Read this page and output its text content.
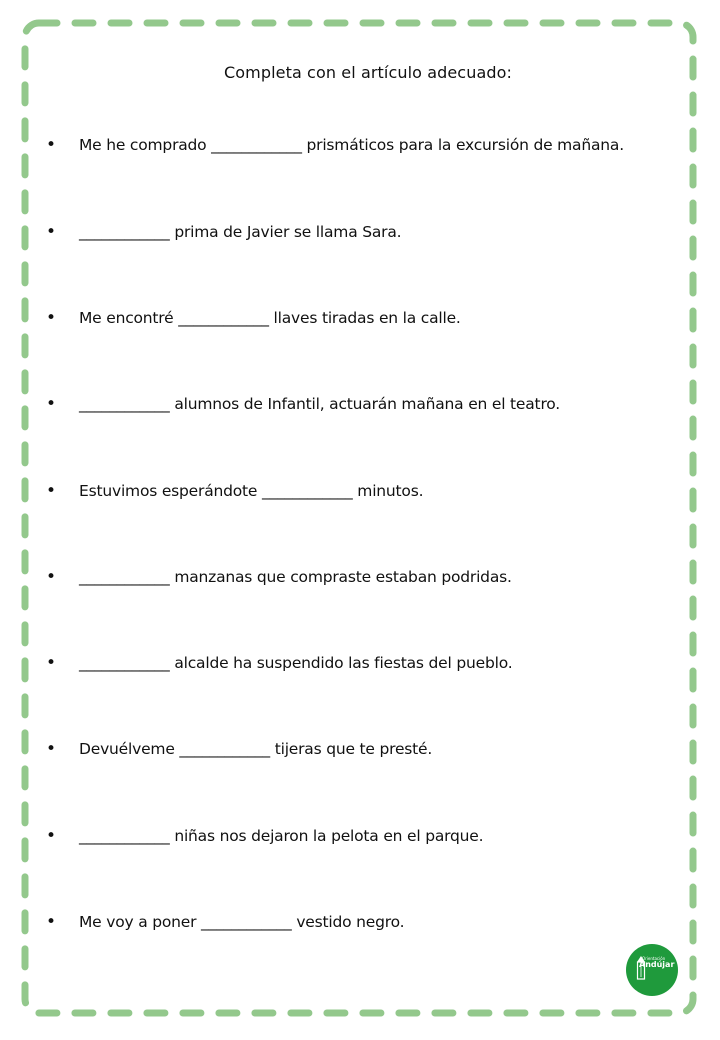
Completa con el artículo adecuado:
• Me he comprado ____________ prismáticos para la excursión de mañana.
• ____________ prima de Javier se llama Sara.
• Me encontré ____________ llaves tiradas en la calle.
• ____________ alumnos de Infantil, actuarán mañana en el teatro.
• Estuvimos esperándote ____________ minutos.
• ____________ manzanas que compraste estaban podridas.
• ____________ alcalde ha suspendido las fiestas del pueblo.
• Devuélveme ____________ tijeras que te presté.
• ____________ niñas nos dejaron la pelota en el parque.
• Me voy a poner ____________ vestido negro.
Orientación
Andújar
